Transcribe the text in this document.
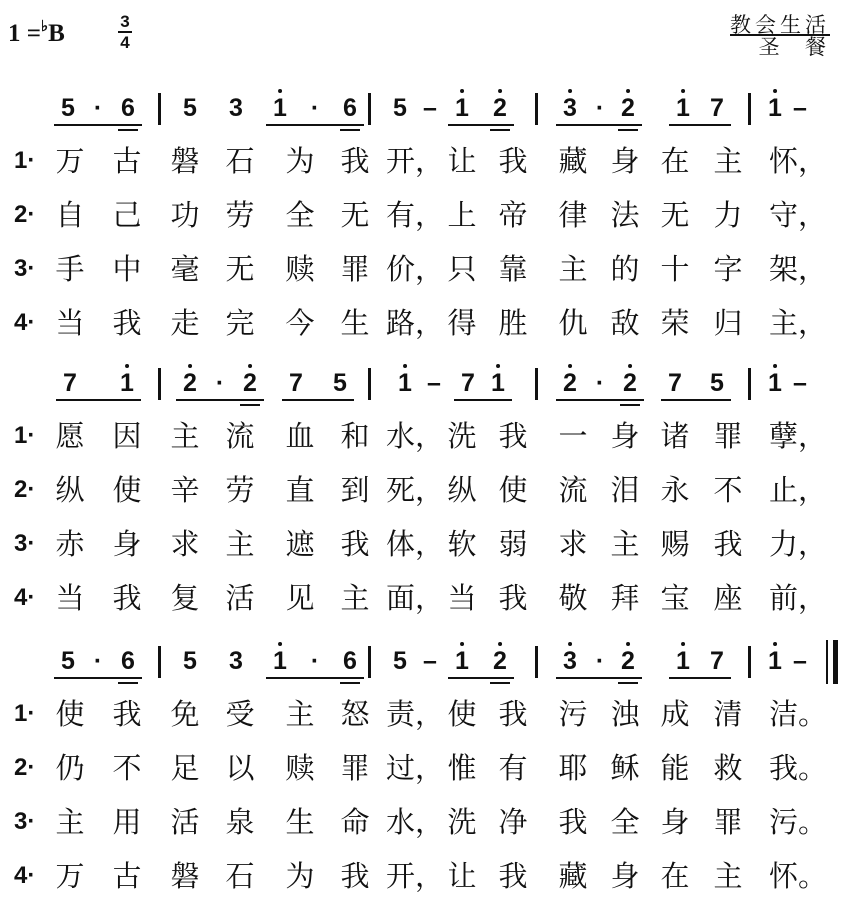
1 =♭B	3
4
教会生活
圣  餐
5 · 6 5 3 1 · 6 5 – 1 2 3 · 2 1 7 1 –
1· 万 古 磐 石 为 我 开， 让 我 藏 身 在 主 怀，
2· 自 己 功 劳 全 无 有， 上 帝 律 法 无 力 守，
3· 手 中 毫 无 赎 罪 价， 只 靠 主 的 十 字 架，
4· 当 我 走 完 今 生 路， 得 胜 仇 敌 荣 归 主，
7 1 2 · 2 7 5 1 – 7 1 2 · 2 7 5 1 –
1· 愿 因 主 流 血 和 水， 洗 我 一 身 诸 罪 孽，
2· 纵 使 辛 劳 直 到 死， 纵 使 流 泪 永 不 止，
3· 赤 身 求 主 遮 我 体， 软 弱 求 主 赐 我 力，
4· 当 我 复 活 见 主 面， 当 我 敬 拜 宝 座 前，
5 · 6 5 3 1 · 6 5 – 1 2 3 · 2 1 7 1 –
1· 使 我 免 受 主 怒 责， 使 我 污 浊 成 清 洁。
2· 仍 不 足 以 赎 罪 过， 惟 有 耶 稣 能 救 我。
3· 主 用 活 泉 生 命 水， 洗 净 我 全 身 罪 污。
4· 万 古 磐 石 为 我 开， 让 我 藏 身 在 主 怀。
